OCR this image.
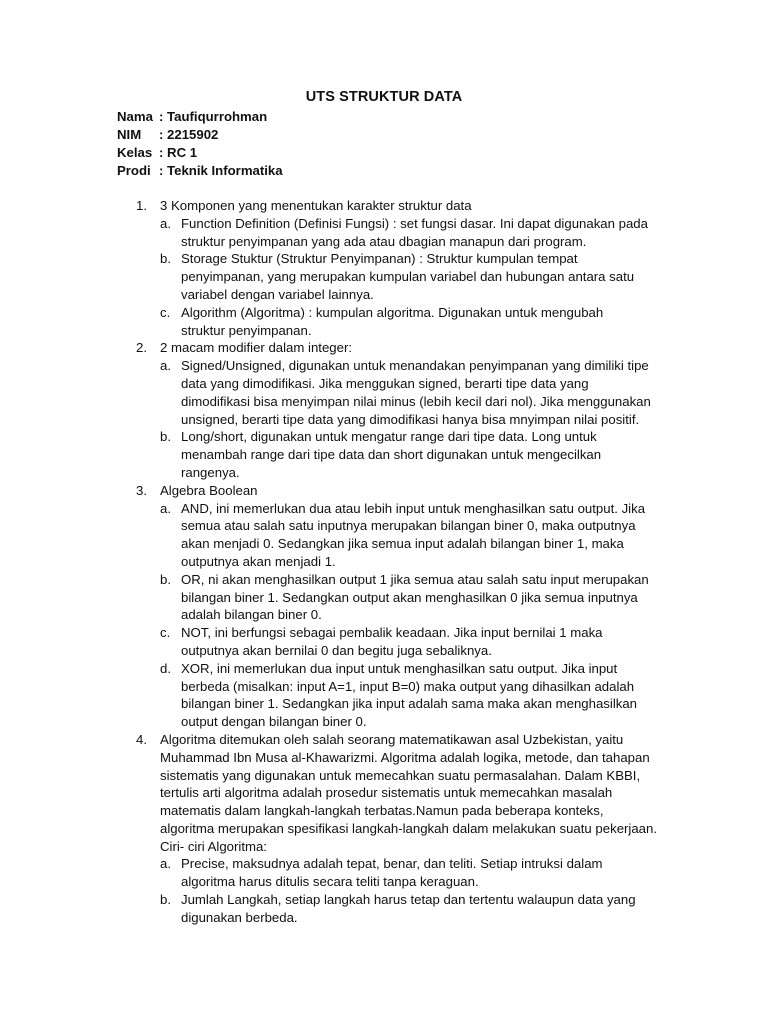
UTS STRUKTUR DATA
Nama : Taufiqurrohman
NIM	: 2215902
Kelas : RC 1
Prodi : Teknik Informatika
1. 3 Komponen yang menentukan karakter struktur data
a. Function Definition (Definisi Fungsi) : set fungsi dasar. Ini dapat digunakan pada
struktur penyimpanan yang ada atau dbagian manapun dari program.
b. Storage Stuktur (Struktur Penyimpanan) : Struktur kumpulan tempat
penyimpanan, yang merupakan kumpulan variabel dan hubungan antara satu
variabel dengan variabel lainnya.
c. Algorithm (Algoritma) : kumpulan algoritma. Digunakan untuk mengubah
struktur penyimpanan.
2. 2 macam modifier dalam integer:
a. Signed/Unsigned, digunakan untuk menandakan penyimpanan yang dimiliki tipe
data yang dimodifikasi. Jika menggukan signed, berarti tipe data yang
dimodifikasi bisa menyimpan nilai minus (lebih kecil dari nol). Jika menggunakan
unsigned, berarti tipe data yang dimodifikasi hanya bisa mnyimpan nilai positif.
b. Long/short, digunakan untuk mengatur range dari tipe data. Long untuk
menambah range dari tipe data dan short digunakan untuk mengecilkan
rangenya.
3. Algebra Boolean
a. AND, ini memerlukan dua atau lebih input untuk menghasilkan satu output. Jika
semua atau salah satu inputnya merupakan bilangan biner 0, maka outputnya
akan menjadi 0. Sedangkan jika semua input adalah bilangan biner 1, maka
outputnya akan menjadi 1.
b. OR, ni akan menghasilkan output 1 jika semua atau salah satu input merupakan
bilangan biner 1. Sedangkan output akan menghasilkan 0 jika semua inputnya
adalah bilangan biner 0.
c. NOT, ini berfungsi sebagai pembalik keadaan. Jika input bernilai 1 maka
outputnya akan bernilai 0 dan begitu juga sebaliknya.
d. XOR, ini memerlukan dua input untuk menghasilkan satu output. Jika input
berbeda (misalkan: input A=1, input B=0) maka output yang dihasilkan adalah
bilangan biner 1. Sedangkan jika input adalah sama maka akan menghasilkan
output dengan bilangan biner 0.
4. Algoritma ditemukan oleh salah seorang matematikawan asal Uzbekistan, yaitu
Muhammad Ibn Musa al-Khawarizmi. Algoritma adalah logika, metode, dan tahapan
sistematis yang digunakan untuk memecahkan suatu permasalahan. Dalam KBBI,
tertulis arti algoritma adalah prosedur sistematis untuk memecahkan masalah
matematis dalam langkah-langkah terbatas.Namun pada beberapa konteks,
algoritma merupakan spesifikasi langkah-langkah dalam melakukan suatu pekerjaan.
Ciri- ciri Algoritma:
a. Precise, maksudnya adalah tepat, benar, dan teliti. Setiap intruksi dalam
algoritma harus ditulis secara teliti tanpa keraguan.
b. Jumlah Langkah, setiap langkah harus tetap dan tertentu walaupun data yang
digunakan berbeda.
